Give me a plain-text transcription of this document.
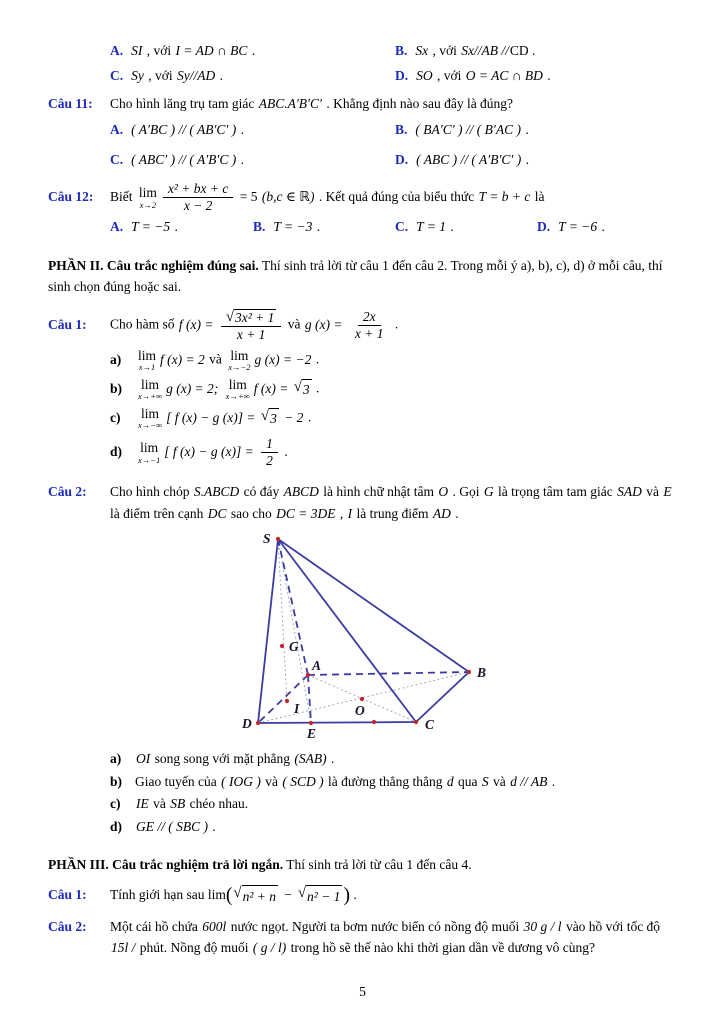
A. SI , với I = AD ∩ BC .	B. Sx , với Sx//AB //CD .
C. Sy , với Sy//AD .	D. SO , với O = AC ∩ BD .
Câu 11:	Cho hình lăng trụ tam giác ABC.A′B′C′ . Khẳng định nào sau đây là đúng?
A. ( A′BC ) // ( AB′C′ ) .	B. ( BA′C′ ) // ( B′AC ) .
C. ( ABC′ ) // ( A′B′C ) .	D. ( ABC ) // ( A′B′C′ ) .
Câu 12:	Biết lim
$x\to 2 \frac{\text{x² + bx + c}}{x - 2} = 5$ (b,c ∈ ℝ) . Kết quả đúng của biểu thức T = b + c là
A. T = −5 .	B. T = −3 .	C. T = 1 .	D. T = −6 .

PHẦN II. Câu trắc nghiệm đúng sai. Thí sinh trả lời từ câu 1 đến câu 2. Trong mỗi ý a), b), c), d) ở mỗi câu, thí sinh chọn đúng hoặc sai.

Câu 1:	Cho hàm số f $(x) = \frac{\text{√ 3x² + 1}}{x + 1}$ và g $(x) = \frac{2x}{x + 1}$ .
a)	lim
x→1
f (x) = 2 và lim
x→−2
g (x) = −2 .
b)	lim
x→+∞
g (x) = 2; lim
x→+∞
f (x) = √ 3 .
c)	lim
x→−∞
[ f (x) − g (x)] = √ 3 − 2 .
d)	lim
x→−1
[ f (x) − g $(x)] = \frac{1}{2}$ .
Câu 2:	Cho hình chóp S.ABCD có đáy ABCD là hình chữ nhật tâm O . Gọi G là trọng tâm tam giác SAD và E là điểm trên cạnh DC sao cho DC = 3DE , I là trung điểm AD .
S
G
A	B
I	O
D
E
C
a)	OI song song với mặt phẳng (SAB) .
b) Giao tuyến của ( IOG ) và ( SCD ) là đường thẳng thẳng d qua S và d // AB .
c)	IE và SB chéo nhau.
d)	GE // ( SBC ) .

PHẦN III. Câu trắc nghiệm trả lời ngắn. Thí sinh trả lời từ câu 1 đến câu 4.

Câu 1:	Tính giới hạn sau lim( √ n² + n − √ n² − 1 ) .
Câu 2:	Một cái hồ chứa 600l nước ngọt. Người ta bơm nước biển có nồng độ muối 30 g / l vào hồ với tốc độ 15l / phút. Nồng độ muối ( g / l) trong hồ sẽ thế nào khi thời gian dần về dương vô cùng?
5
